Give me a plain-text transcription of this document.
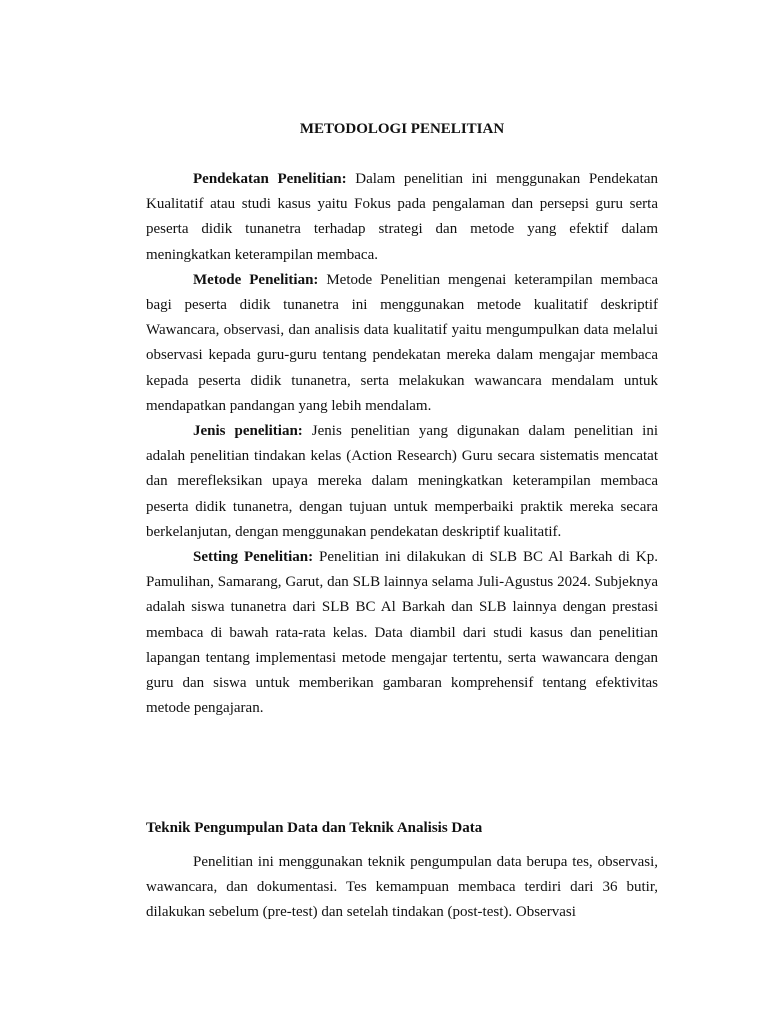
METODOLOGI PENELITIAN

Pendekatan Penelitian: Dalam penelitian ini menggunakan Pendekatan Kualitatif atau studi kasus yaitu Fokus pada pengalaman dan persepsi guru serta peserta didik tunanetra terhadap strategi dan metode yang efektif dalam meningkatkan keterampilan membaca.

Metode Penelitian: Metode Penelitian mengenai keterampilan membaca bagi peserta didik tunanetra ini menggunakan metode kualitatif deskriptif Wawancara, observasi, dan analisis data kualitatif yaitu mengumpulkan data melalui observasi kepada guru-guru tentang pendekatan mereka dalam mengajar membaca kepada peserta didik tunanetra, serta melakukan wawancara mendalam untuk mendapatkan pandangan yang lebih mendalam.

Jenis penelitian: Jenis penelitian yang digunakan dalam penelitian ini adalah penelitian tindakan kelas (Action Research) Guru secara sistematis mencatat dan merefleksikan upaya mereka dalam meningkatkan keterampilan membaca peserta didik tunanetra, dengan tujuan untuk memperbaiki praktik mereka secara berkelanjutan, dengan menggunakan pendekatan deskriptif kualitatif.

Setting Penelitian: Penelitian ini dilakukan di SLB BC Al Barkah di Kp. Pamulihan, Samarang, Garut, dan SLB lainnya selama Juli-Agustus 2024. Subjeknya adalah siswa tunanetra dari SLB BC Al Barkah dan SLB lainnya dengan prestasi membaca di bawah rata-rata kelas. Data diambil dari studi kasus dan penelitian lapangan tentang implementasi metode mengajar tertentu, serta wawancara dengan guru dan siswa untuk memberikan gambaran komprehensif tentang efektivitas metode pengajaran.

Teknik Pengumpulan Data dan Teknik Analisis Data

Penelitian ini menggunakan teknik pengumpulan data berupa tes, observasi, wawancara, dan dokumentasi. Tes kemampuan membaca terdiri dari 36 butir, dilakukan sebelum (pre-test) dan setelah tindakan (post-test). Observasi
